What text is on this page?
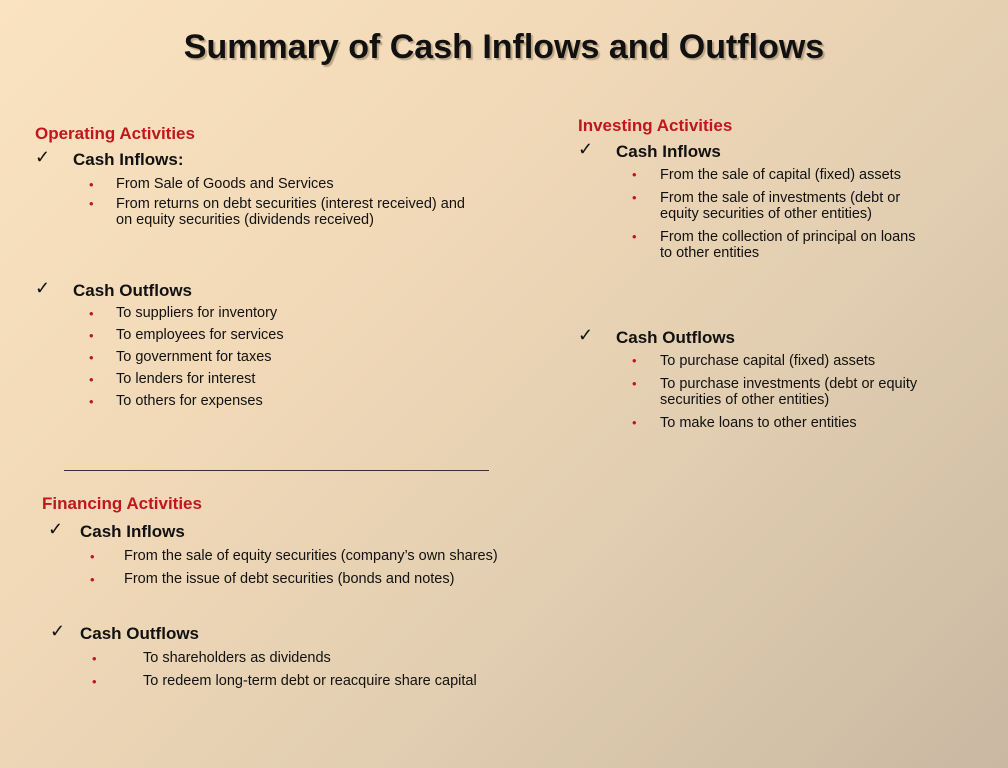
Summary of Cash Inflows and Outflows
Operating Activities
✓ Cash Inflows:
• From Sale of Goods and Services
• From returns on debt securities (interest received) and on equity securities (dividends received)
✓ Cash Outflows
• To suppliers for inventory
• To employees for services
• To government for taxes
• To lenders for interest
• To others for expenses
Investing Activities
✓ Cash Inflows
• From the sale of capital (fixed) assets
• From the sale of investments (debt or equity securities of other entities)
• From the collection of principal on loans to other entities
✓ Cash Outflows
• To purchase capital (fixed) assets
• To purchase investments (debt or equity securities of other entities)
• To make loans to other entities
Financing Activities
✓ Cash Inflows
• From the sale of equity securities (company’s own shares)
• From the issue of debt securities (bonds and notes)
✓ Cash Outflows
•	To shareholders as dividends
•	To redeem long-term debt or reacquire share capital
